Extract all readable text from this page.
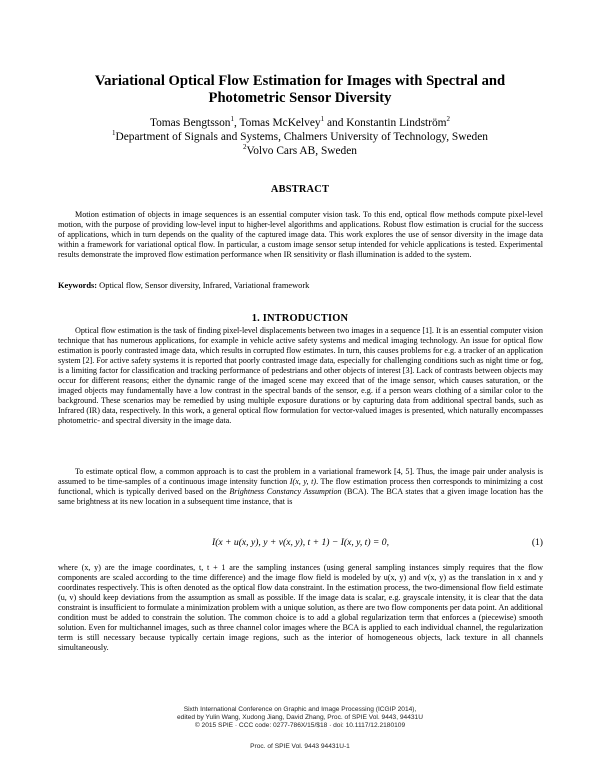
Variational Optical Flow Estimation for Images with Spectral and Photometric Sensor Diversity
Tomas Bengtsson$^1$, Tomas McKelvey$^1$ and Konstantin Lindström$^2$
$^1$Department of Signals and Systems, Chalmers University of Technology, Sweden
$^2$Volvo Cars AB, Sweden
ABSTRACT
Motion estimation of objects in image sequences is an essential computer vision task. To this end, optical flow methods compute pixel-level motion, with the purpose of providing low-level input to higher-level algorithms and applications. Robust flow estimation is crucial for the success of applications, which in turn depends on the quality of the captured image data. This work explores the use of sensor diversity in the image data within a framework for variational optical flow. In particular, a custom image sensor setup intended for vehicle applications is tested. Experimental results demonstrate the improved flow estimation performance when IR sensitivity or flash illumination is added to the system.
Keywords: Optical flow, Sensor diversity, Infrared, Variational framework
1. INTRODUCTION
Optical flow estimation is the task of finding pixel-level displacements between two images in a sequence [1]. It is an essential computer vision technique that has numerous applications, for example in vehicle active safety systems and medical imaging technology. An issue for optical flow estimation is poorly contrasted image data, which results in corrupted flow estimates. In turn, this causes problems for e.g. a tracker of an application system [2]. For active safety systems it is reported that poorly contrasted image data, especially for challenging conditions such as night time or fog, is a limiting factor for classification and tracking performance of pedestrians and other objects of interest [3]. Lack of contrasts between objects may occur for different reasons; either the dynamic range of the imaged scene may exceed that of the image sensor, which causes saturation, or the imaged objects may fundamentally have a low contrast in the spectral bands of the sensor, e.g. if a person wears clothing of a similar color to the background. These scenarios may be remedied by using multiple exposure durations or by capturing data from additional spectral bands, such as Infrared (IR) data, respectively. In this work, a general optical flow formulation for vector-valued images is presented, which naturally encompasses photometric- and spectral diversity in the image data.
To estimate optical flow, a common approach is to cast the problem in a variational framework [4, 5]. Thus, the image pair under analysis is assumed to be time-samples of a continuous image intensity function I(x, y, t). The flow estimation process then corresponds to minimizing a cost functional, which is typically derived based on the Brightness Constancy Assumption (BCA). The BCA states that a given image location has the same brightness at its new location in a subsequent time instance, that is
I(x + u(x, y), y + v(x, y), t + 1) − I(x, y, t) = 0,	(1)
where (x, y) are the image coordinates, t, t + 1 are the sampling instances (using general sampling instances simply requires that the flow components are scaled according to the time difference) and the image flow field is modeled by u(x, y) and v(x, y) as the translation in x and y coordinates respectively. This is often denoted as the optical flow data constraint. In the estimation process, the two-dimensional flow field estimate (u, v) should keep deviations from the assumption as small as possible. If the image data is scalar, e.g. grayscale intensity, it is clear that the data constraint is insufficient to formulate a minimization problem with a unique solution, as there are two flow components per data point. An additional condition must be added to constrain the solution. The common choice is to add a global regularization term that enforces a (piecewise) smooth solution. Even for multichannel images, such as three channel color images where the BCA is applied to each individual channel, the regularization term is still necessary because typically certain image regions, such as the interior of homogeneous objects, lack texture in all channels simultaneously.
Sixth International Conference on Graphic and Image Processing (ICGIP 2014),
edited by Yulin Wang, Xudong Jiang, David Zhang, Proc. of SPIE Vol. 9443, 94431U
© 2015 SPIE · CCC code: 0277-786X/15/$18 · doi: 10.1117/12.2180109
Proc. of SPIE Vol. 9443 94431U-1
